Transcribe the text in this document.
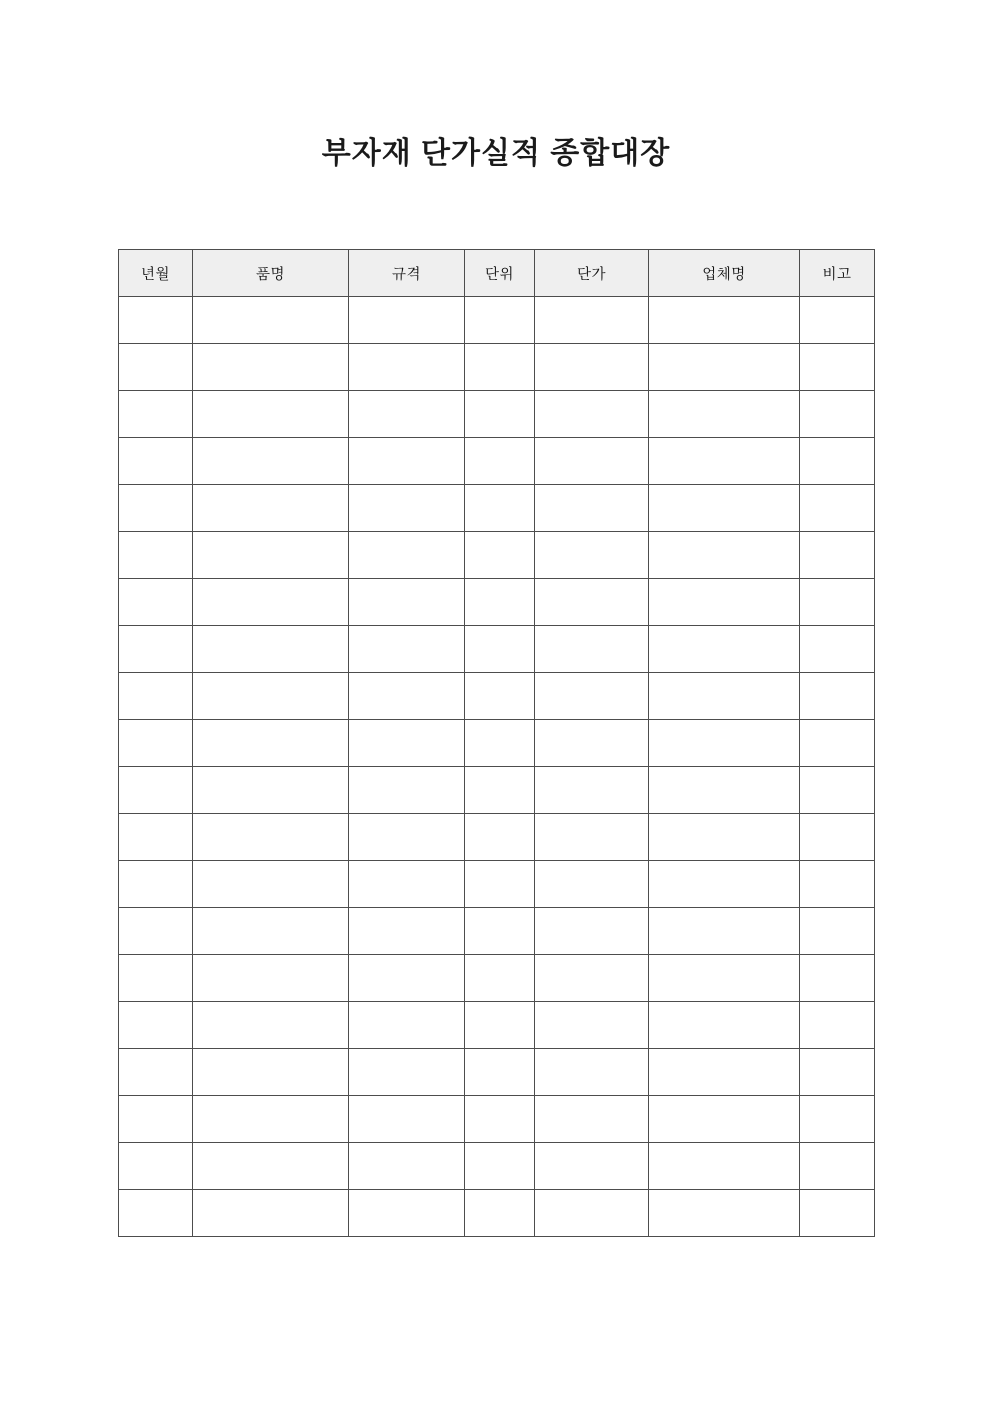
부자재 단가실적 종합대장
년월	품명	규격	단위	단가	업체명	비고
